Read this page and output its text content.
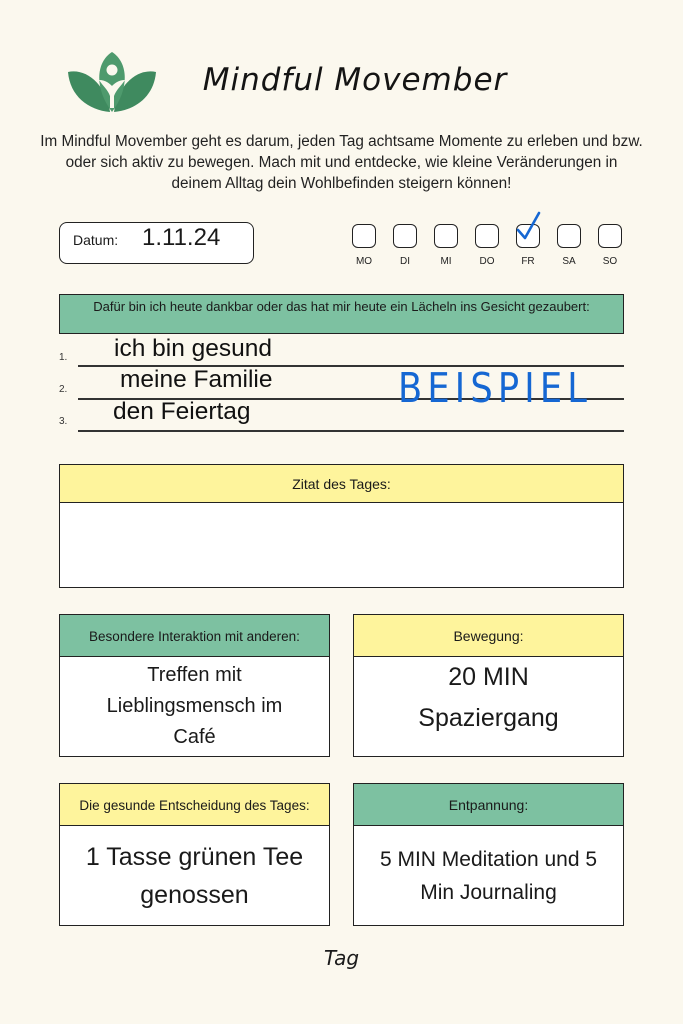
Mindful Movember
Im Mindful Movember geht es darum, jeden Tag achtsame Momente zu erleben und bzw. oder sich aktiv zu bewegen. Mach mit und entdecke, wie kleine Veränderungen in deinem Alltag dein Wohlbefinden steigern können!
Datum: 1.11.24
MO	DI	MI	DO	FR	SA	SO
Dafür bin ich heute dankbar oder das hat mir heute ein Lächeln ins Gesicht gezaubert:
1. ich bin gesund
2. meine Familie
3. den Feiertag	BEISPIEL
Zitat des Tages:
Besondere Interaktion mit anderen:
Treffen mit Lieblingsmensch im Café
Bewegung:
20 MIN Spaziergang
Die gesunde Entscheidung des Tages:
1 Tasse grünen Tee genossen
Entpannung:
5 MIN Meditation und 5 Min Journaling
Tag
